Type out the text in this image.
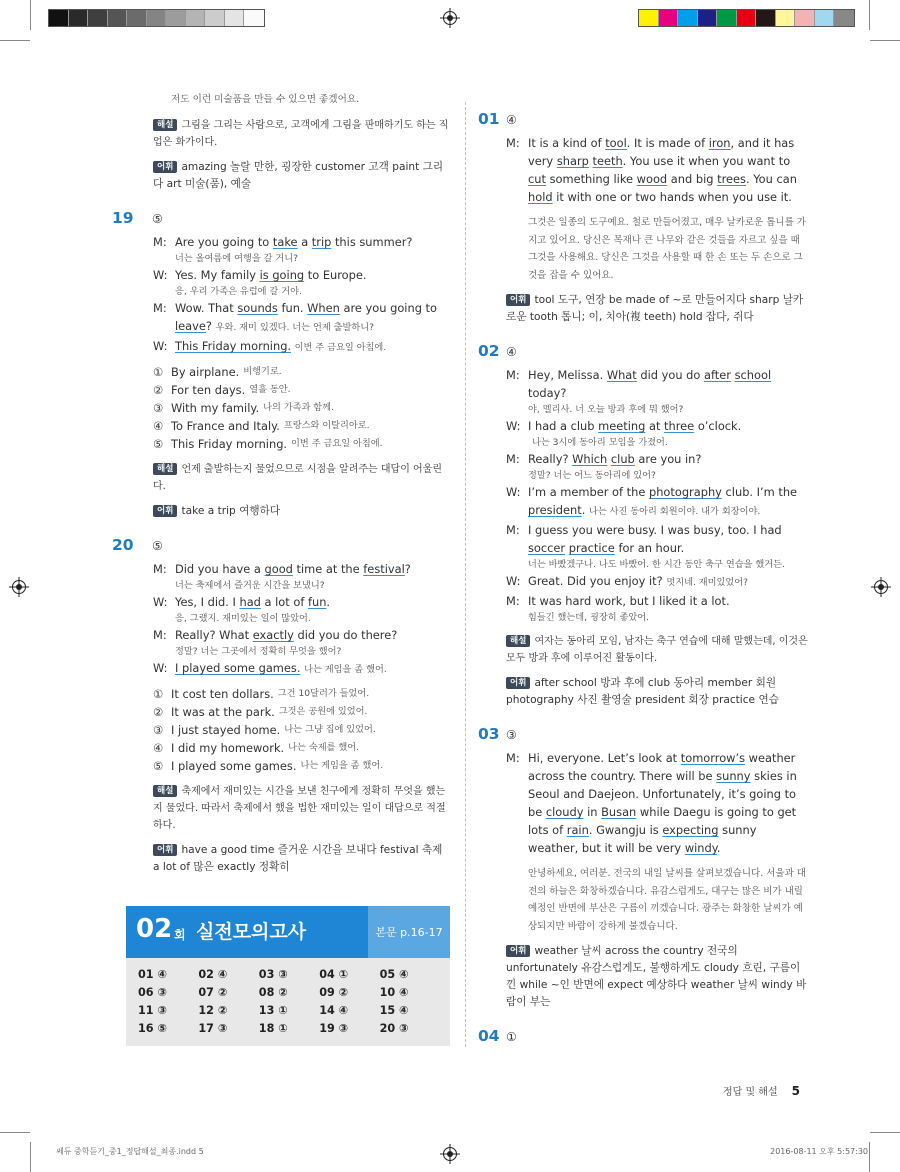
저도 이런 미술품을 만들 수 있으면 좋겠어요.
해설 그림을 그리는 사람으로, 고객에게 그림을 판매하기도 하는 직업은 화가이다.
어휘 amazing 놀랄 만한, 굉장한 customer 고객 paint 그리다 art 미술(품), 예술
19	⑤
M: Are you going to take a trip this summer?
너는 올여름에 여행을 갈 거니?
W: Yes. My family is going to Europe.
응, 우리 가족은 유럽에 갈 거야.
M: Wow. That sounds fun. When are you going to
leave? 우와. 재미 있겠다. 너는 언제 출발하니?
W: This Friday morning. 이번 주 금요일 아침에.
① By airplane. 비행기로.
② For ten days. 열흘 동안.
③ With my family. 나의 가족과 함께.
④ To France and Italy. 프랑스와 이탈리아로.
⑤ This Friday morning. 이번 주 금요일 아침에.
해설 언제 출발하는지 물었으므로 시점을 알려주는 대답이 어울린다.
어휘 take a trip 여행하다
20	⑤
M: Did you have a good time at the festival?
너는 축제에서 즐거운 시간을 보냈니?
W: Yes, I did. I had a lot of fun.
응, 그랬지. 재미있는 일이 많았어.
M: Really? What exactly did you do there?
정말? 너는 그곳에서 정확히 무엇을 했어?
W: I played some games. 나는 게임을 좀 했어.
① It cost ten dollars. 그건 10달러가 들었어.
② It was at the park. 그것은 공원에 있었어.
③ I just stayed home. 나는 그냥 집에 있었어.
④ I did my homework. 나는 숙제를 했어.
⑤ I played some games. 나는 게임을 좀 했어.
해설 축제에서 재미있는 시간을 보낸 친구에게 정확히 무엇을 했는지 물었다. 따라서 축제에서 했을 법한 재미있는 일이 대답으로 적절하다.
어휘 have a good time 즐거운 시간을 보내다 festival 축제 a lot of 많은 exactly 정확히
02 회 실전모의고사	본문 p.16-17
01 ④	02 ④	03 ③	04 ①	05 ④
06 ③	07 ②	08 ②	09 ②	10 ④
11 ③	12 ②	13 ①	14 ④	15 ④
16 ⑤	17 ③	18 ①	19 ③	20 ③
01 ④
M: It is a kind of tool. It is made of iron, and it has very sharp teeth. You use it when you want to cut something like wood and big trees. You can hold it with one or two hands when you use it.
그것은 일종의 도구예요. 철로 만들어졌고, 매우 날카로운 톱니를 가지고 있어요. 당신은 목재나 큰 나무와 같은 것들을 자르고 싶을 때 그것을 사용해요. 당신은 그것을 사용할 때 한 손 또는 두 손으로 그것을 잡을 수 있어요.
어휘 tool 도구, 연장 be made of ~로 만들어지다 sharp 날카로운 tooth 톱니; 이, 치아(複 teeth) hold 잡다, 쥐다
02 ④
M: Hey, Melissa. What did you do after school today?
야, 멜리사. 너 오늘 방과 후에 뭐 했어?
W: I had a club meeting at three o’clock.
나는 3시에 동아리 모임을 가졌어.
M: Really? Which club are you in?
정말? 너는 어느 동아리에 있어?
W: I’m a member of the photography club. I’m the
president. 나는 사진 동아리 회원이야. 내가 회장이야.
M: I guess you were busy. I was busy, too. I had
soccer practice for an hour.
너는 바빴겠구나. 나도 바빴어. 한 시간 동안 축구 연습을 했거든.
W: Great. Did you enjoy it? 멋지네. 재미있었어?
M: It was hard work, but I liked it a lot.
힘들긴 했는데, 굉장히 좋았어.
해설 여자는 동아리 모임, 남자는 축구 연습에 대해 말했는데, 이것은 모두 방과 후에 이루어진 활동이다.
어휘 after school 방과 후에 club 동아리 member 회원 photography 사진 촬영술 president 회장 practice 연습
03 ③
M: Hi, everyone. Let’s look at tomorrow’s weather across the country. There will be sunny skies in Seoul and Daejeon. Unfortunately, it’s going to be cloudy in Busan while Daegu is going to get lots of rain. Gwangju is expecting sunny weather, but it will be very windy.
안녕하세요, 여러분. 전국의 내일 날씨를 살펴보겠습니다. 서울과 대전의 하늘은 화창하겠습니다. 유감스럽게도, 대구는 많은 비가 내릴 예정인 반면에 부산은 구름이 끼겠습니다. 광주는 화창한 날씨가 예상되지만 바람이 강하게 불겠습니다.
어휘 weather 날씨 across the country 전국의 unfortunately 유감스럽게도, 불행하게도 cloudy 흐린, 구름이 낀 while ~인 반면에 expect 예상하다 weather 날씨 windy 바람이 부는
04 ①
정답 및 해설 5
쎄듀 중학듣기_중1_정답해설_최종.indd 5	2016-08-11 오후 5:57:30
